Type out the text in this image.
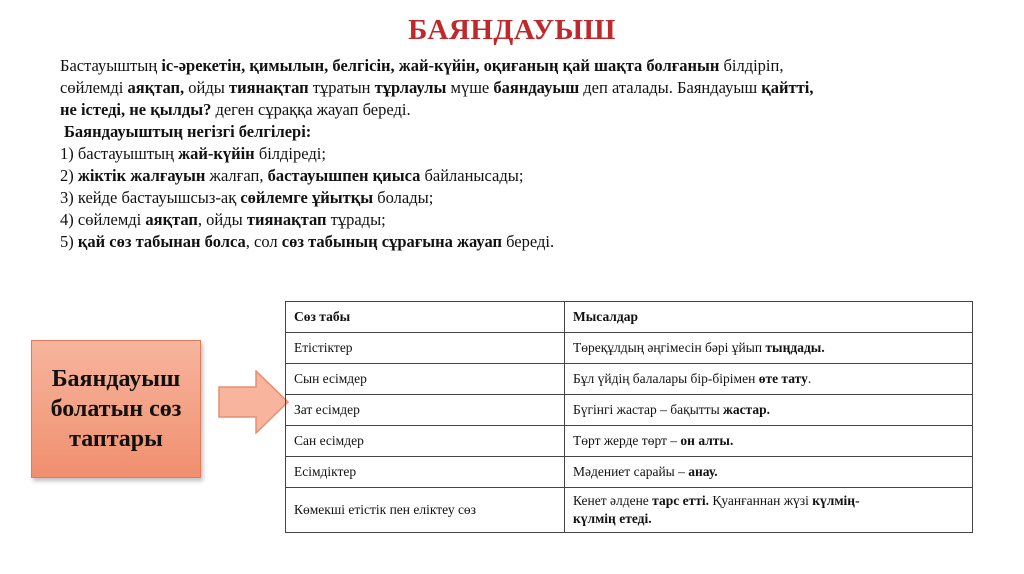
БАЯНДАУЫШ
Бастауыштың іс-әрекетін, қимылын, белгісін, жай-күйін, оқиғаның қай шақта болғанын білдіріп,
сөйлемді аяқтап, ойды тиянақтап тұратын тұрлаулы мүше баяндауыш деп аталады. Баяндауыш қайтті,
не істеді, не қылды? деген сұраққа жауап береді.
Баяндауыштың негізгі белгілері:
1) бастауыштың жай-күйін білдіреді;
2) жіктік жалғауын жалғап, бастауышпен қиыса байланысады;
3) кейде бастауышсыз-ақ сөйлемге ұйытқы болады;
4) сөйлемді аяқтап, ойды тиянақтап тұрады;
5) қай сөз табынан болса, сол сөз табының сұрағына жауап береді.
Баяндауыш
болатын сөз
таптары
Сөз табы	Мысалдар
Етістіктер	Төреқұлдың әңгімесін бәрі ұйып тыңдады.
Сын есімдер	Бұл үйдің балалары бір-бірімен өте тату.
Зат есімдер	Бүгінгі жастар – бақытты жастар.
Сан есімдер	Төрт жерде төрт – он алты.
Есімдіктер	Мәдениет сарайы – анау.
Көмекші етістік пен еліктеу сөз	Кенет әлдене тарс етті. Қуанғаннан жүзі күлмің-
күлмің етеді.
